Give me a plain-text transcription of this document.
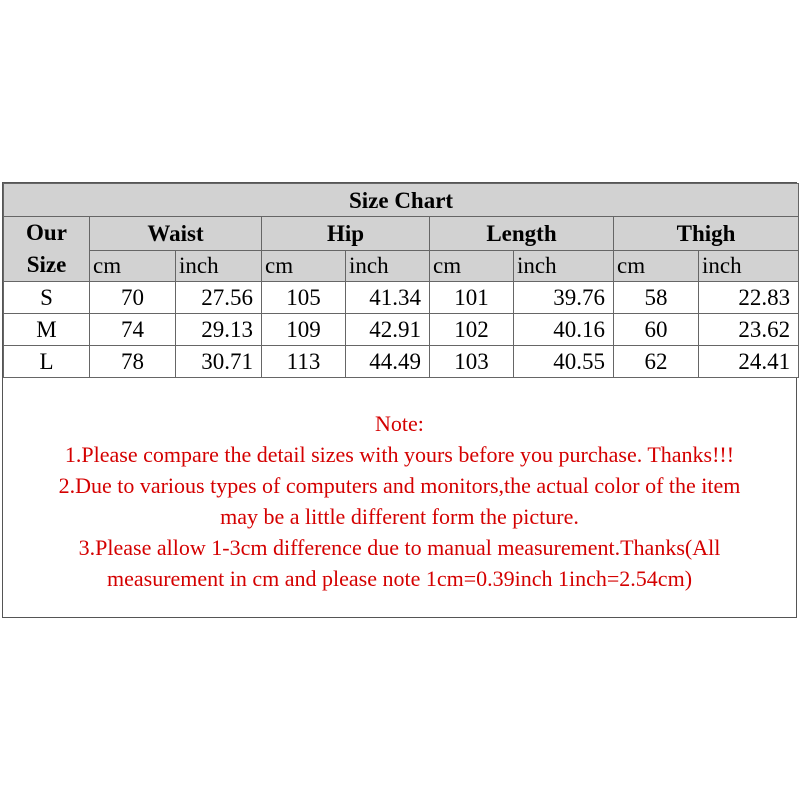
Size Chart								
Our
Size	Waist		Hip		Length		Thigh	
	cm	inch	cm	inch	cm	inch	cm	inch
S	70	27.56	105	41.34	101	39.76	58	22.83
M	74	29.13	109	42.91	102	40.16	60	23.62
L	78	30.71	113	44.49	103	40.55	62	24.41
Note:
1.Please compare the detail sizes with yours before you purchase. Thanks!!!
2.Due to various types of computers and monitors,the actual color of the item
may be a little different form the picture.
3.Please allow 1-3cm difference due to manual measurement.Thanks(All
measurement in cm and please note 1cm=0.39inch 1inch=2.54cm)
